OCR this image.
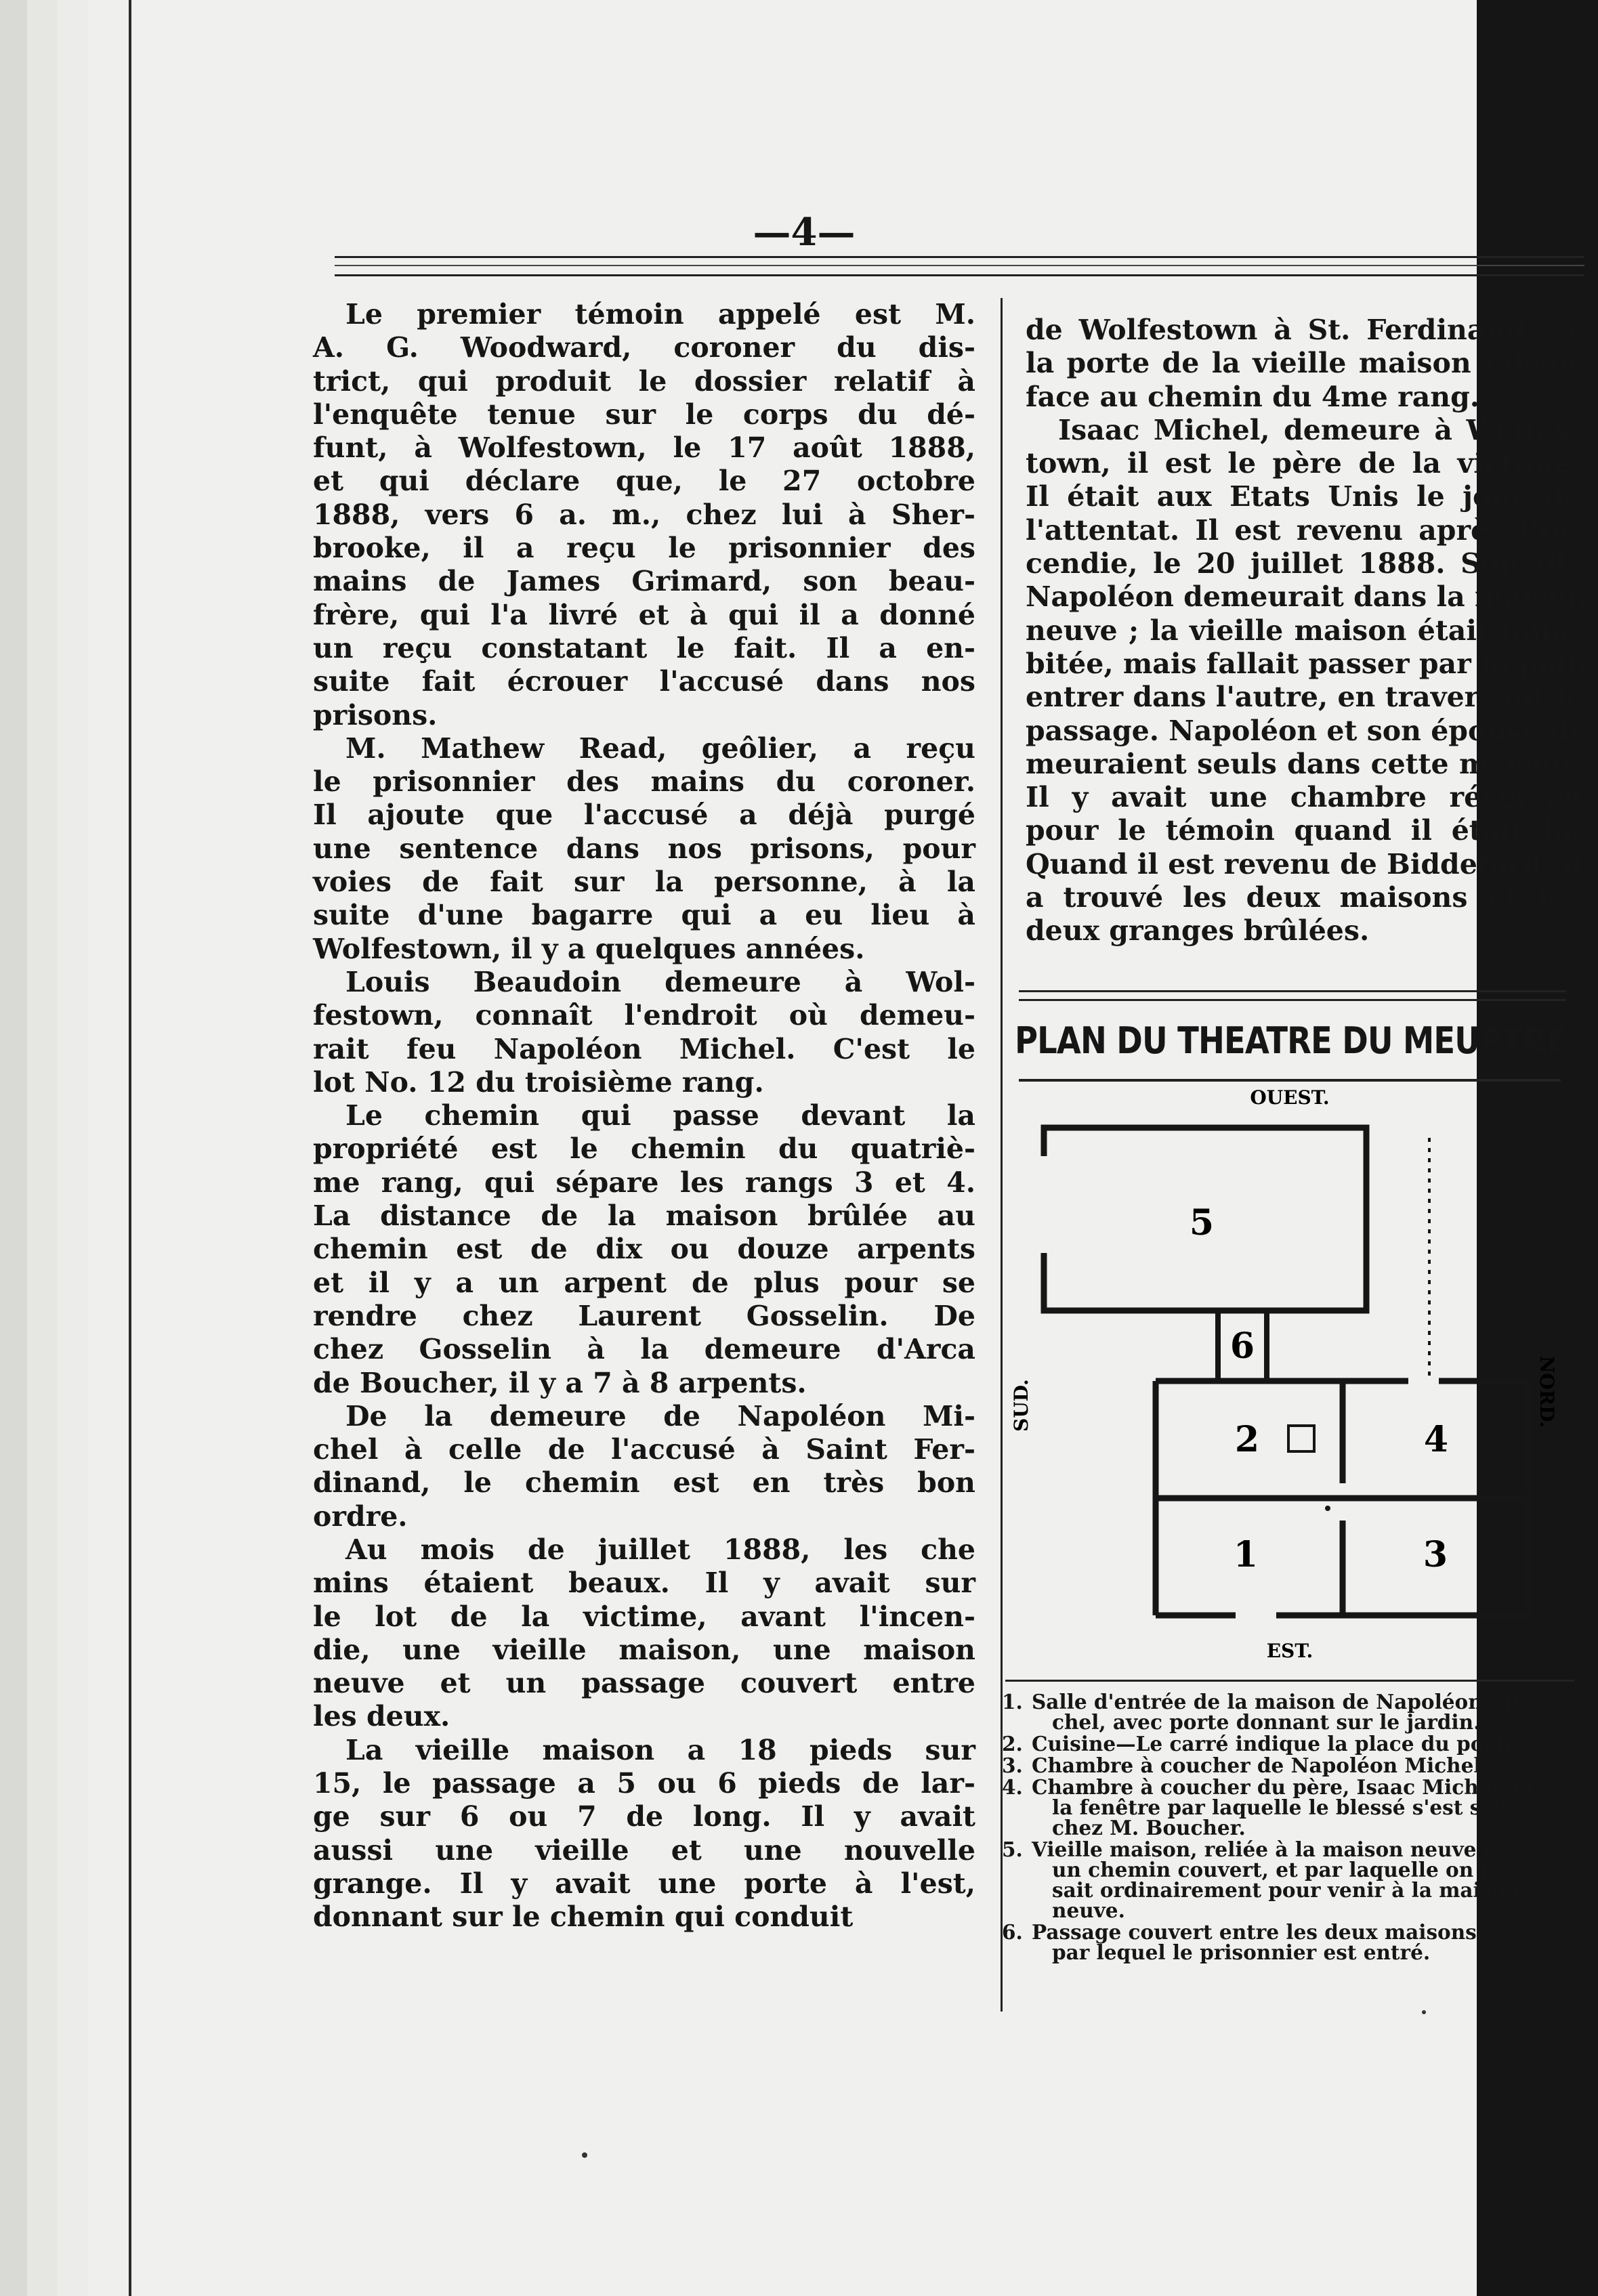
—4—
Le premier témoin appelé est M.
A. G. Woodward, coroner du dis-
trict, qui produit le dossier relatif à
l'enquête tenue sur le corps du dé-
funt, à Wolfestown, le 17 août 1888,
et qui déclare que, le 27 octobre
1888, vers 6 a. m., chez lui à Sher-
brooke, il a reçu le prisonnier des
mains de James Grimard, son beau-
frère, qui l'a livré et à qui il a donné
un reçu constatant le fait. Il a en-
suite fait écrouer l'accusé dans nos
prisons.
M. Mathew Read, geôlier, a reçu
le prisonnier des mains du coroner.
Il ajoute que l'accusé a déjà purgé
une sentence dans nos prisons, pour
voies de fait sur la personne, à la
suite d'une bagarre qui a eu lieu à
Wolfestown, il y a quelques années.
Louis Beaudoin demeure à Wol-
festown, connaît l'endroit où demeu-
rait feu Napoléon Michel. C'est le
lot No. 12 du troisième rang.
Le chemin qui passe devant la
propriété est le chemin du quatriè-
me rang, qui sépare les rangs 3 et 4.
La distance de la maison brûlée au
chemin est de dix ou douze arpents
et il y a un arpent de plus pour se
rendre chez Laurent Gosselin. De
chez Gosselin à la demeure d'Arca
de Boucher, il y a 7 à 8 arpents.
De la demeure de Napoléon Mi-
chel à celle de l'accusé à Saint Fer-
dinand, le chemin est en très bon
ordre.
Au mois de juillet 1888, les che
mins étaient beaux. Il y avait sur
le lot de la victime, avant l'incen-
die, une vieille maison, une maison
neuve et un passage couvert entre
les deux.
La vieille maison a 18 pieds sur
15, le passage a 5 ou 6 pieds de lar-
ge sur 6 ou 7 de long. Il y avait
aussi une vieille et une nouvelle
grange. Il y avait une porte à l'est,
donnant sur le chemin qui conduit
de Wolfestown à St. Ferdinand, et
la porte de la vieille maison faisait
face au chemin du 4me rang.
Isaac Michel, demeure à Wolfes-
town, il est le père de la victime.
Il était aux Etats Unis le jour de
l'attentat. Il est revenu après l'in-
cendie, le 20 juillet 1888. Son fils
Napoléon demeurait dans la maison
neuve ; la vieille maison était inha-
bitée, mais fallait passer par là pour
entrer dans l'autre, en traversant le
passage. Napoléon et son épouse de-
meuraient seuls dans cette maison.
Il y avait une chambre réservée
pour le témoin quand il était là.
Quand il est revenu de Biddeford, il
a trouvé les deux maisons et les
deux granges brûlées.
PLAN DU THEATRE DU MEURTRE
OUEST.
EST.
SUD.	NORD.
5
6
2	4
1	3
1. Salle d'entrée de la maison de Napoléon Mi-
chel, avec porte donnant sur le jardin.
2. Cuisine—Le carré indique la place du poêle.
3. Chambre à coucher de Napoléon Michel.
4. Chambre à coucher du père, Isaac Michel, et
la fenêtre par laquelle le blessé s'est sauvé
chez M. Boucher.
5. Vieille maison, reliée à la maison neuve par
un chemin couvert, et par laquelle on pas-
sait ordinairement pour venir à la maison
neuve.
6. Passage couvert entre les deux maisons, et
par lequel le prisonnier est entré.
